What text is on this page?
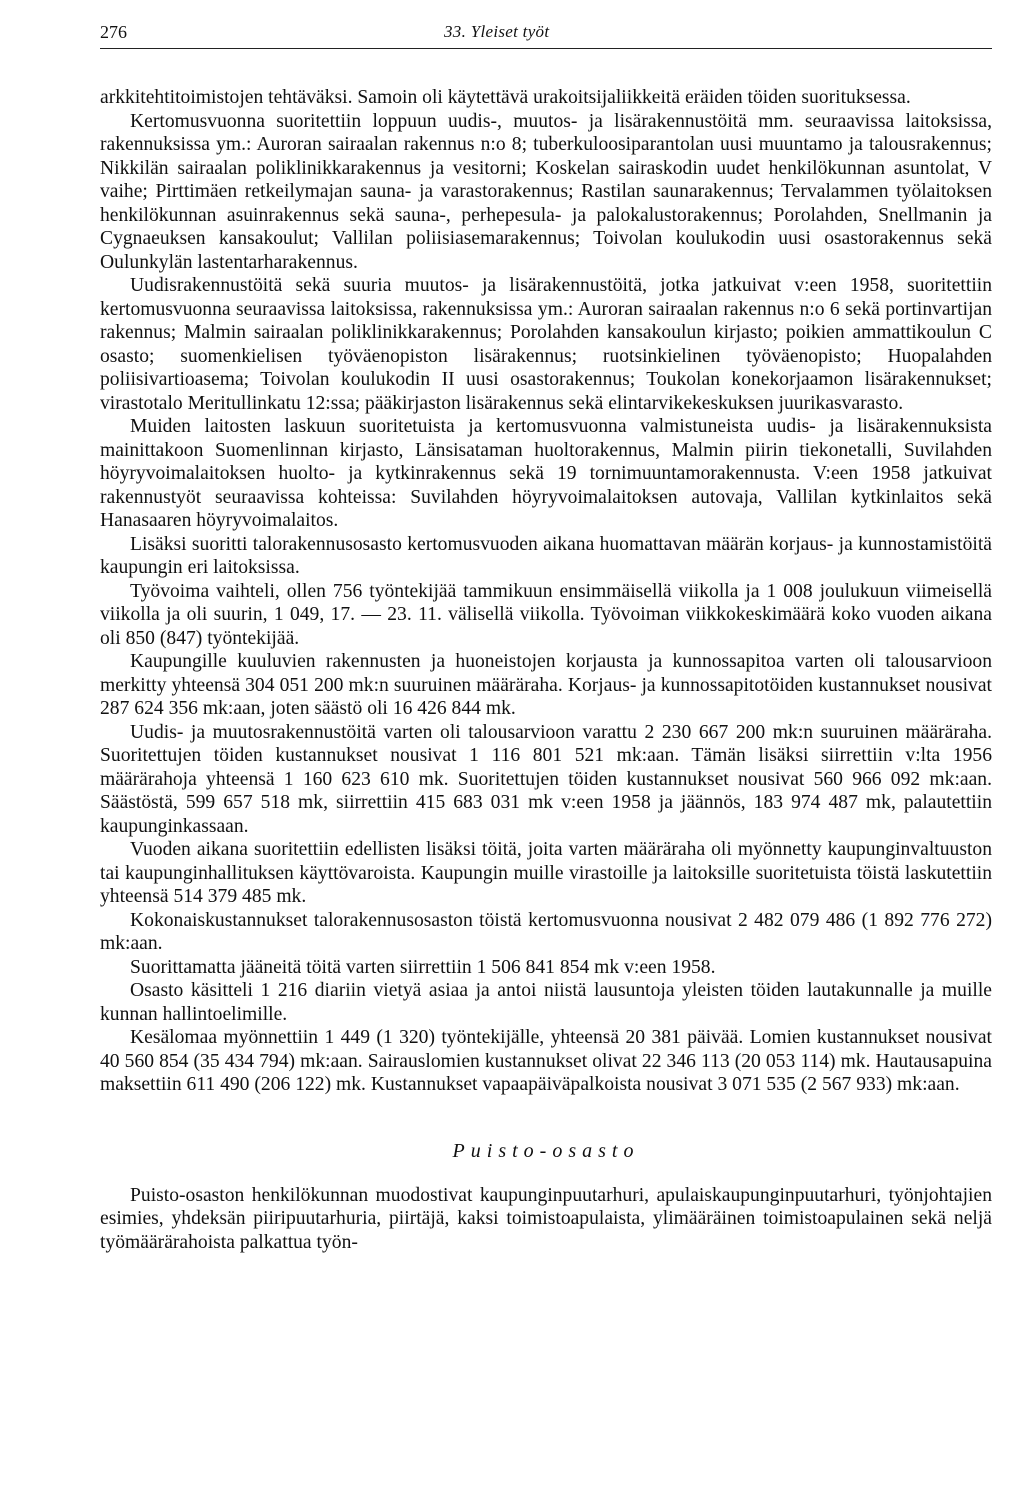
276	33. Yleiset työt

arkkitehtitoimistojen tehtäväksi. Samoin oli käytettävä urakoitsijaliikkeitä eräiden töiden suorituksessa.

Kertomusvuonna suoritettiin loppuun uudis-, muutos- ja lisärakennustöitä mm. seuraavissa laitoksissa, rakennuksissa ym.: Auroran sairaalan rakennus n:o 8; tuberkuloosiparantolan uusi muuntamo ja talousrakennus; Nikkilän sairaalan poliklinikkarakennus ja vesitorni; Koskelan sairaskodin uudet henkilökunnan asuntolat, V vaihe; Pirttimäen retkeilymajan sauna- ja varastorakennus; Rastilan saunarakennus; Tervalammen työlaitoksen henkilökunnan asuinrakennus sekä sauna-, perhepesula- ja palokalustorakennus; Porolahden, Snellmanin ja Cygnaeuksen kansakoulut; Vallilan poliisiasemarakennus; Toivolan koulukodin uusi osastorakennus sekä Oulunkylän lastentarharakennus.

Uudisrakennustöitä sekä suuria muutos- ja lisärakennustöitä, jotka jatkuivat v:een 1958, suoritettiin kertomusvuonna seuraavissa laitoksissa, rakennuksissa ym.: Auroran sairaalan rakennus n:o 6 sekä portinvartijan rakennus; Malmin sairaalan poliklinikkarakennus; Porolahden kansakoulun kirjasto; poikien ammattikoulun C osasto; suomenkielisen työväenopiston lisärakennus; ruotsinkielinen työväenopisto; Huopalahden poliisivartioasema; Toivolan koulukodin II uusi osastorakennus; Toukolan konekorjaamon lisärakennukset; virastotalo Meritullinkatu 12:ssa; pääkirjaston lisärakennus sekä elintarvikekeskuksen juurikasvarasto.

Muiden laitosten laskuun suoritetuista ja kertomusvuonna valmistuneista uudis- ja lisärakennuksista mainittakoon Suomenlinnan kirjasto, Länsisataman huoltorakennus, Malmin piirin tiekonetalli, Suvilahden höyryvoimalaitoksen huolto- ja kytkinrakennus sekä 19 tornimuuntamorakennusta. V:een 1958 jatkuivat rakennustyöt seuraavissa kohteissa: Suvilahden höyryvoimalaitoksen autovaja, Vallilan kytkinlaitos sekä Hanasaaren höyryvoimalaitos.

Lisäksi suoritti talorakennusosasto kertomusvuoden aikana huomattavan määrän korjaus- ja kunnostamistöitä kaupungin eri laitoksissa.

Työvoima vaihteli, ollen 756 työntekijää tammikuun ensimmäisellä viikolla ja 1 008 joulukuun viimeisellä viikolla ja oli suurin, 1 049, 17. — 23. 11. välisellä viikolla. Työvoiman viikkokeskimäärä koko vuoden aikana oli 850 (847) työntekijää.

Kaupungille kuuluvien rakennusten ja huoneistojen korjausta ja kunnossapitoa varten oli talousarvioon merkitty yhteensä 304 051 200 mk:n suuruinen määräraha. Korjaus- ja kunnossapitotöiden kustannukset nousivat 287 624 356 mk:aan, joten säästö oli 16 426 844 mk.

Uudis- ja muutosrakennustöitä varten oli talousarvioon varattu 2 230 667 200 mk:n suuruinen määräraha. Suoritettujen töiden kustannukset nousivat 1 116 801 521 mk:aan. Tämän lisäksi siirrettiin v:lta 1956 määrärahoja yhteensä 1 160 623 610 mk. Suoritettujen töiden kustannukset nousivat 560 966 092 mk:aan. Säästöstä, 599 657 518 mk, siirrettiin 415 683 031 mk v:een 1958 ja jäännös, 183 974 487 mk, palautettiin kaupunginkassaan.

Vuoden aikana suoritettiin edellisten lisäksi töitä, joita varten määräraha oli myönnetty kaupunginvaltuuston tai kaupunginhallituksen käyttövaroista. Kaupungin muille virastoille ja laitoksille suoritetuista töistä laskutettiin yhteensä 514 379 485 mk.

Kokonaiskustannukset talorakennusosaston töistä kertomusvuonna nousivat 2 482 079 486 (1 892 776 272) mk:aan.

Suorittamatta jääneitä töitä varten siirrettiin 1 506 841 854 mk v:een 1958.

Osasto käsitteli 1 216 diariin vietyä asiaa ja antoi niistä lausuntoja yleisten töiden lautakunnalle ja muille kunnan hallintoelimille.

Kesälomaa myönnettiin 1 449 (1 320) työntekijälle, yhteensä 20 381 päivää. Lomien kustannukset nousivat 40 560 854 (35 434 794) mk:aan. Sairauslomien kustannukset olivat 22 346 113 (20 053 114) mk. Hautausapuina maksettiin 611 490 (206 122) mk. Kustannukset vapaapäiväpalkoista nousivat 3 071 535 (2 567 933) mk:aan.

Puisto-osasto

Puisto-osaston henkilökunnan muodostivat kaupunginpuutarhuri, apulaiskaupunginpuutarhuri, työnjohtajien esimies, yhdeksän piiripuutarhuria, piirtäjä, kaksi toimistoapulaista, ylimääräinen toimistoapulainen sekä neljä työmäärärahoista palkattua työn-
